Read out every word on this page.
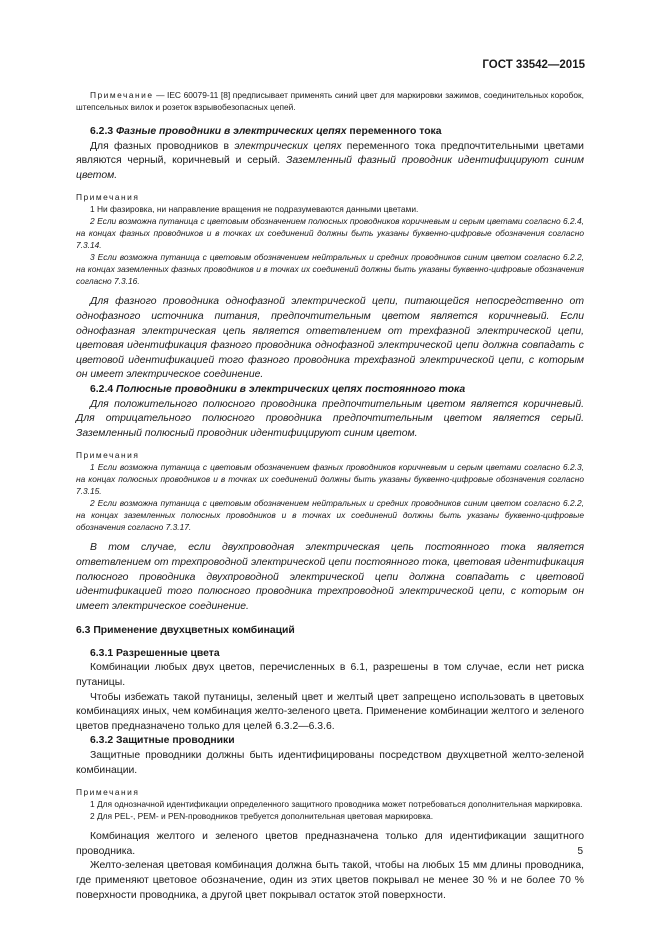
ГОСТ 33542—2015

Примечание — IEC 60079-11 [8] предписывает применять синий цвет для маркировки зажимов, соединительных коробок, штепсельных вилок и розеток взрывобезопасных цепей.

6.2.3 Фазные проводники в электрических цепях переменного тока

Для фазных проводников в электрических цепях переменного тока предпочтительными цветами являются черный, коричневый и серый. Заземленный фазный проводник идентифицируют синим цветом.

Примечания

1 Ни фазировка, ни направление вращения не подразумеваются данными цветами.

2 Если возможна путаница с цветовым обозначением полюсных проводников коричневым и серым цветами согласно 6.2.4, на концах фазных проводников и в точках их соединений должны быть указаны буквенно-цифровые обозначения согласно 7.3.14.

3 Если возможна путаница с цветовым обозначением нейтральных и средних проводников синим цветом согласно 6.2.2, на концах заземленных фазных проводников и в точках их соединений должны быть указаны буквенно-цифровые обозначения согласно 7.3.16.

Для фазного проводника однофазной электрической цепи, питающейся непосредственно от однофазного источника питания, предпочтительным цветом является коричневый. Если однофазная электрическая цепь является ответвлением от трехфазной электрической цепи, цветовая идентификация фазного проводника однофазной электрической цепи должна совпадать с цветовой идентификацией того фазного проводника трехфазной электрической цепи, с которым он имеет электрическое соединение.

6.2.4 Полюсные проводники в электрических цепях постоянного тока

Для положительного полюсного проводника предпочтительным цветом является коричневый. Для отрицательного полюсного проводника предпочтительным цветом является серый. Заземленный полюсный проводник идентифицируют синим цветом.

Примечания

1 Если возможна путаница с цветовым обозначением фазных проводников коричневым и серым цветами согласно 6.2.3, на концах полюсных проводников и в точках их соединений должны быть указаны буквенно-цифровые обозначения согласно 7.3.15.

2 Если возможна путаница с цветовым обозначением нейтральных и средних проводников синим цветом согласно 6.2.2, на концах заземленных полюсных проводников и в точках их соединений должны быть указаны буквенно-цифровые обозначения согласно 7.3.17.

В том случае, если двухпроводная электрическая цепь постоянного тока является ответвлением от трехпроводной электрической цепи постоянного тока, цветовая идентификация полюсного проводника двухпроводной электрической цепи должна совпадать с цветовой идентификацией того полюсного проводника трехпроводной электрической цепи, с которым он имеет электрическое соединение.

6.3 Применение двухцветных комбинаций

6.3.1 Разрешенные цвета

Комбинации любых двух цветов, перечисленных в 6.1, разрешены в том случае, если нет риска путаницы.

Чтобы избежать такой путаницы, зеленый цвет и желтый цвет запрещено использовать в цветовых комбинациях иных, чем комбинация желто-зеленого цвета. Применение комбинации желтого и зеленого цветов предназначено только для целей 6.3.2—6.3.6.

6.3.2 Защитные проводники

Защитные проводники должны быть идентифицированы посредством двухцветной желто-зеленой комбинации.

Примечания

1 Для однозначной идентификации определенного защитного проводника может потребоваться дополнительная маркировка.

2 Для PEL-, PEM- и PEN-проводников требуется дополнительная цветовая маркировка.

Комбинация желтого и зеленого цветов предназначена только для идентификации защитного проводника.

Желто-зеленая цветовая комбинация должна быть такой, чтобы на любых 15 мм длины проводника, где применяют цветовое обозначение, один из этих цветов покрывал не менее 30 % и не более 70 % поверхности проводника, а другой цвет покрывал остаток этой поверхности.

5
